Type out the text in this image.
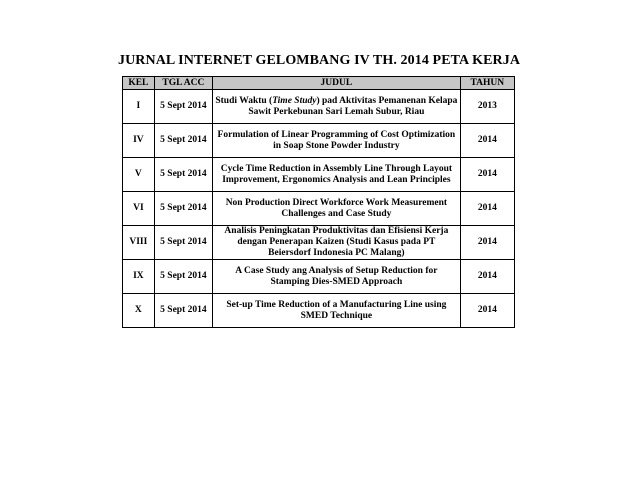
JURNAL INTERNET GELOMBANG IV TH. 2014 PETA KERJA
KEL	TGL ACC	JUDUL	TAHUN
I	5 Sept 2014	Studi Waktu (Time Study) pad Aktivitas Pemanenan Kelapa Sawit Perkebunan Sari Lemah Subur, Riau	2013
IV	5 Sept 2014	Formulation of Linear Programming of Cost Optimization in Soap Stone Powder Industry	2014
V	5 Sept 2014	Cycle Time Reduction in Assembly Line Through Layout Improvement, Ergonomics Analysis and Lean Principles	2014
VI	5 Sept 2014	Non Production Direct Workforce Work Measurement Challenges and Case Study	2014
VIII	5 Sept 2014	Analisis Peningkatan Produktivitas dan Efisiensi Kerja dengan Penerapan Kaizen (Studi Kasus pada PT Beiersdorf Indonesia PC Malang)	2014
IX	5 Sept 2014	A Case Study ang Analysis of Setup Reduction for Stamping Dies-SMED Approach	2014
X	5 Sept 2014	Set-up Time Reduction of a Manufacturing Line using SMED Technique	2014
